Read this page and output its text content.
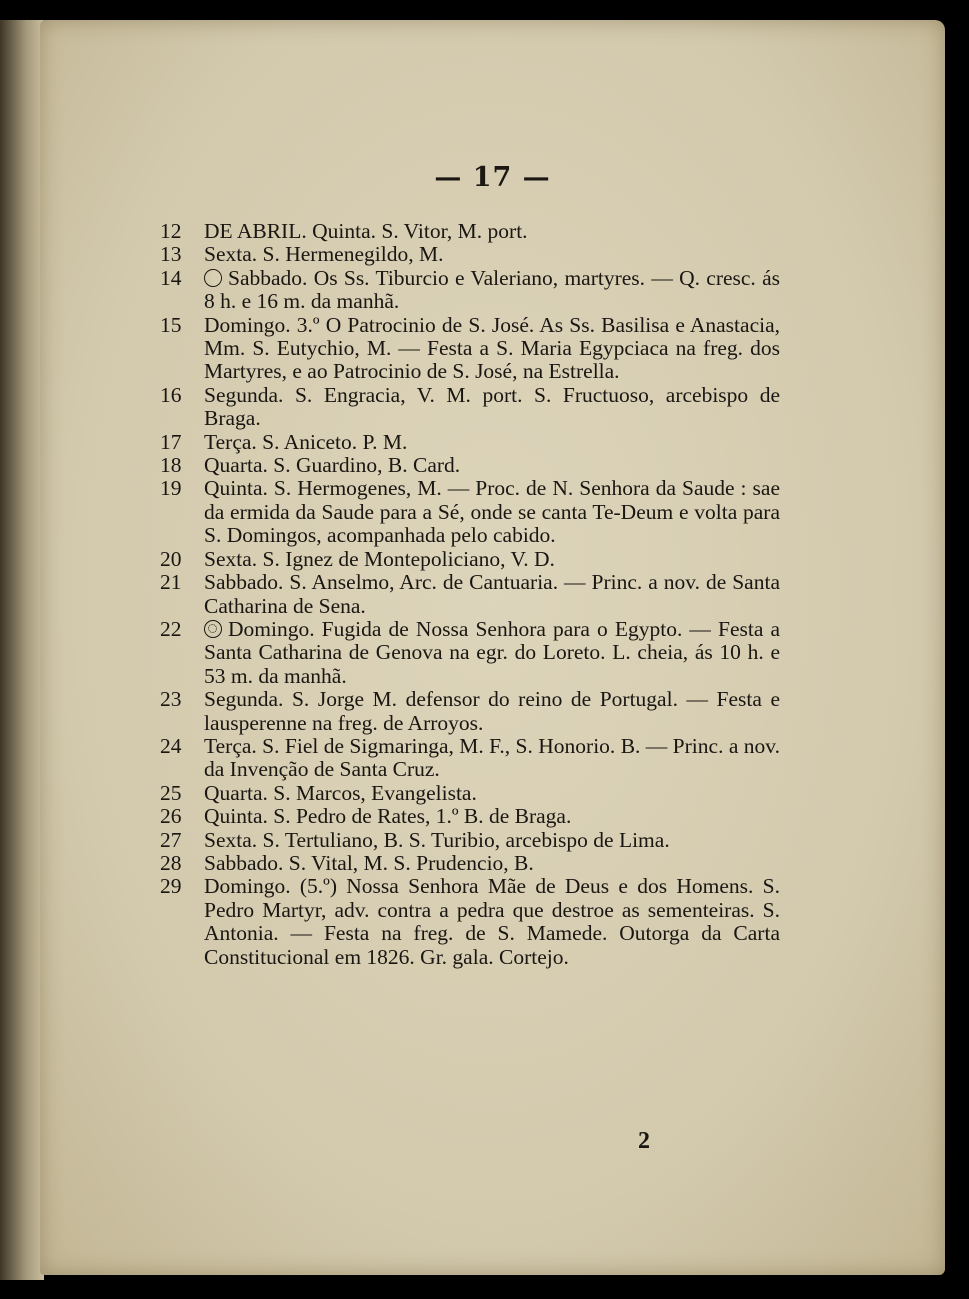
— 17 —
12	DE ABRIL. Quinta. S. Vitor, M. port.
13	Sexta. S. Hermenegildo, M.
14	Sabbado. Os Ss. Tiburcio e Valeriano, martyres. — Q. cresc. ás 8 h. e 16 m. da manhã.
15	Domingo. 3.º O Patrocinio de S. José. As Ss. Basilisa e Anastacia, Mm. S. Eutychio, M. — Festa a S. Maria Egypciaca na freg. dos Martyres, e ao Patrocinio de S. José, na Estrella.
16	Segunda. S. Engracia, V. M. port. S. Fructuoso, arcebispo de Braga.
17	Terça. S. Aniceto. P. M.
18	Quarta. S. Guardino, B. Card.
19	Quinta. S. Hermogenes, M. — Proc. de N. Senhora da Saude : sae da ermida da Saude para a Sé, onde se canta Te-Deum e volta para S. Domingos, acompanhada pelo cabido.
20	Sexta. S. Ignez de Montepoliciano, V. D.
21	Sabbado. S. Anselmo, Arc. de Cantuaria. — Princ. a nov. de Santa Catharina de Sena.
22	Domingo. Fugida de Nossa Senhora para o Egypto. — Festa a Santa Catharina de Genova na egr. do Loreto. L. cheia, ás 10 h. e 53 m. da manhã.
23	Segunda. S. Jorge M. defensor do reino de Portugal. — Festa e lausperenne na freg. de Arroyos.
24	Terça. S. Fiel de Sigmaringa, M. F., S. Honorio. B. — Princ. a nov. da Invenção de Santa Cruz.
25	Quarta. S. Marcos, Evangelista.
26	Quinta. S. Pedro de Rates, 1.º B. de Braga.
27	Sexta. S. Tertuliano, B. S. Turibio, arcebispo de Lima.
28	Sabbado. S. Vital, M. S. Prudencio, B.
29	Domingo. (5.º) Nossa Senhora Mãe de Deus e dos Homens. S. Pedro Martyr, adv. contra a pedra que destroe as sementeiras. S. Antonia. — Festa na freg. de S. Mamede. Outorga da Carta Constitucional em 1826. Gr. gala. Cortejo.
2
